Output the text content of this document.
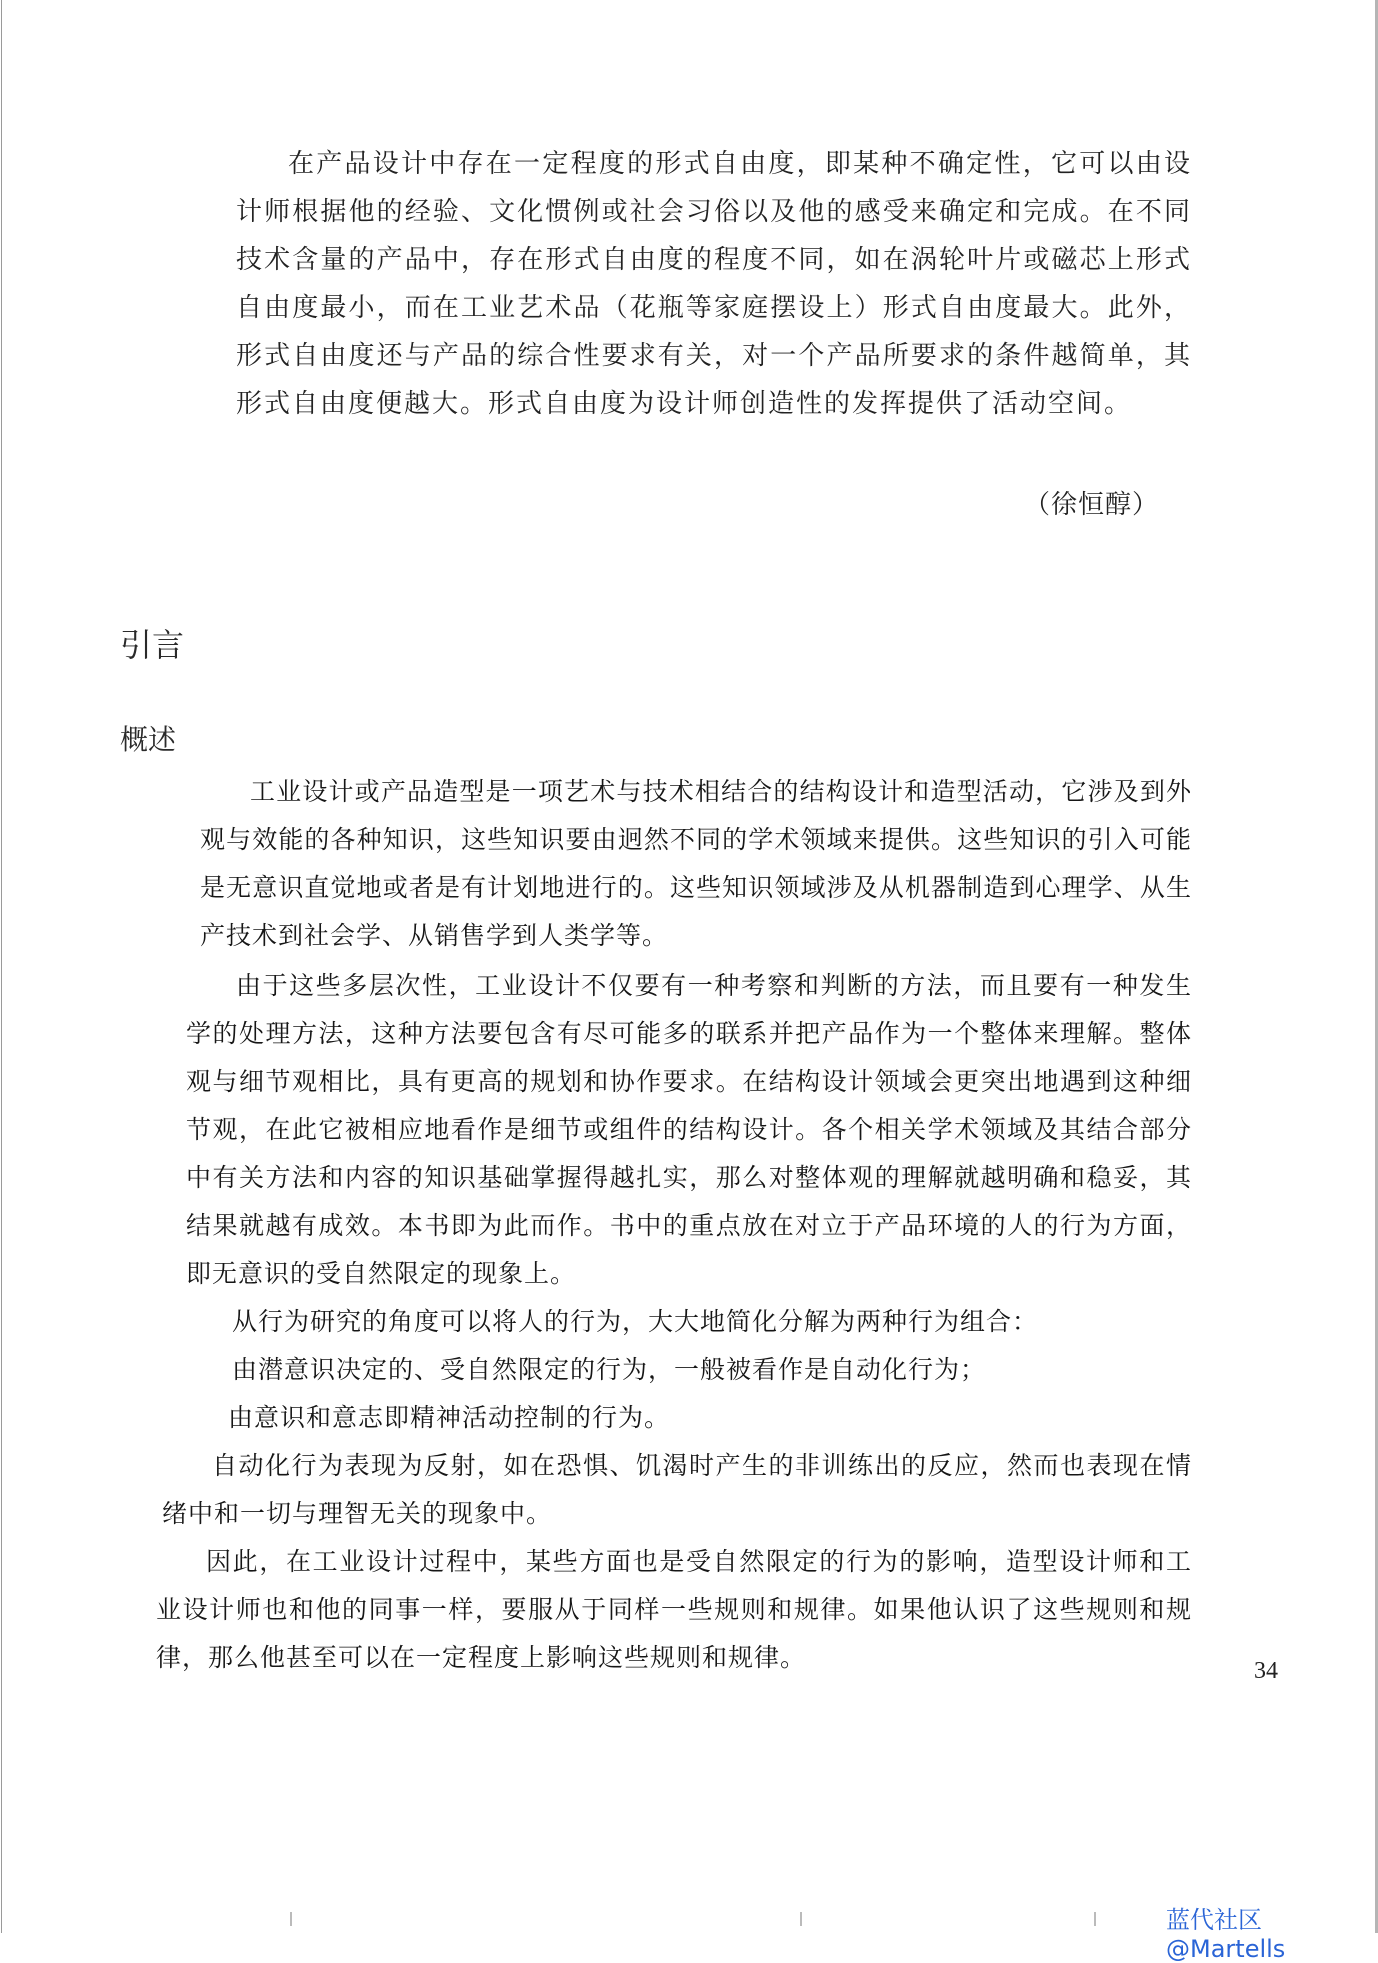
在产品设计中存在一定程度的形式自由度，即某种不确定性，它可以由设计师根据他的经验、文化惯例或社会习俗以及他的感受来确定和完成。在不同技术含量的产品中，存在形式自由度的程度不同，如在涡轮叶片或磁芯上形式自由度最小，而在工业艺术品（花瓶等家庭摆设上）形式自由度最大。此外，形式自由度还与产品的综合性要求有关，对一个产品所要求的条件越简单，其形式自由度便越大。形式自由度为设计师创造性的发挥提供了活动空间。

（徐恒醇）
引言
概述

工业设计或产品造型是一项艺术与技术相结合的结构设计和造型活动，它涉及到外观与效能的各种知识，这些知识要由迥然不同的学术领域来提供。这些知识的引入可能是无意识直觉地或者是有计划地进行的。这些知识领域涉及从机器制造到心理学、从生产技术到社会学、从销售学到人类学等。

由于这些多层次性，工业设计不仅要有一种考察和判断的方法，而且要有一种发生学的处理方法，这种方法要包含有尽可能多的联系并把产品作为一个整体来理解。整体观与细节观相比，具有更高的规划和协作要求。在结构设计领域会更突出地遇到这种细节观，在此它被相应地看作是细节或组件的结构设计。各个相关学术领域及其结合部分中有关方法和内容的知识基础掌握得越扎实，那么对整体观的理解就越明确和稳妥，其结果就越有成效。本书即为此而作。书中的重点放在对立于产品环境的人的行为方面，即无意识的受自然限定的现象上。

从行为研究的角度可以将人的行为，大大地简化分解为两种行为组合：

由潜意识决定的、受自然限定的行为，一般被看作是自动化行为；

由意识和意志即精神活动控制的行为。

自动化行为表现为反射，如在恐惧、饥渴时产生的非训练出的反应，然而也表现在情绪中和一切与理智无关的现象中。

因此，在工业设计过程中，某些方面也是受自然限定的行为的影响，造型设计师和工业设计师也和他的同事一样，要服从于同样一些规则和规律。如果他认识了这些规则和规律，那么他甚至可以在一定程度上影响这些规则和规律。	34
蓝代社区@Martells
